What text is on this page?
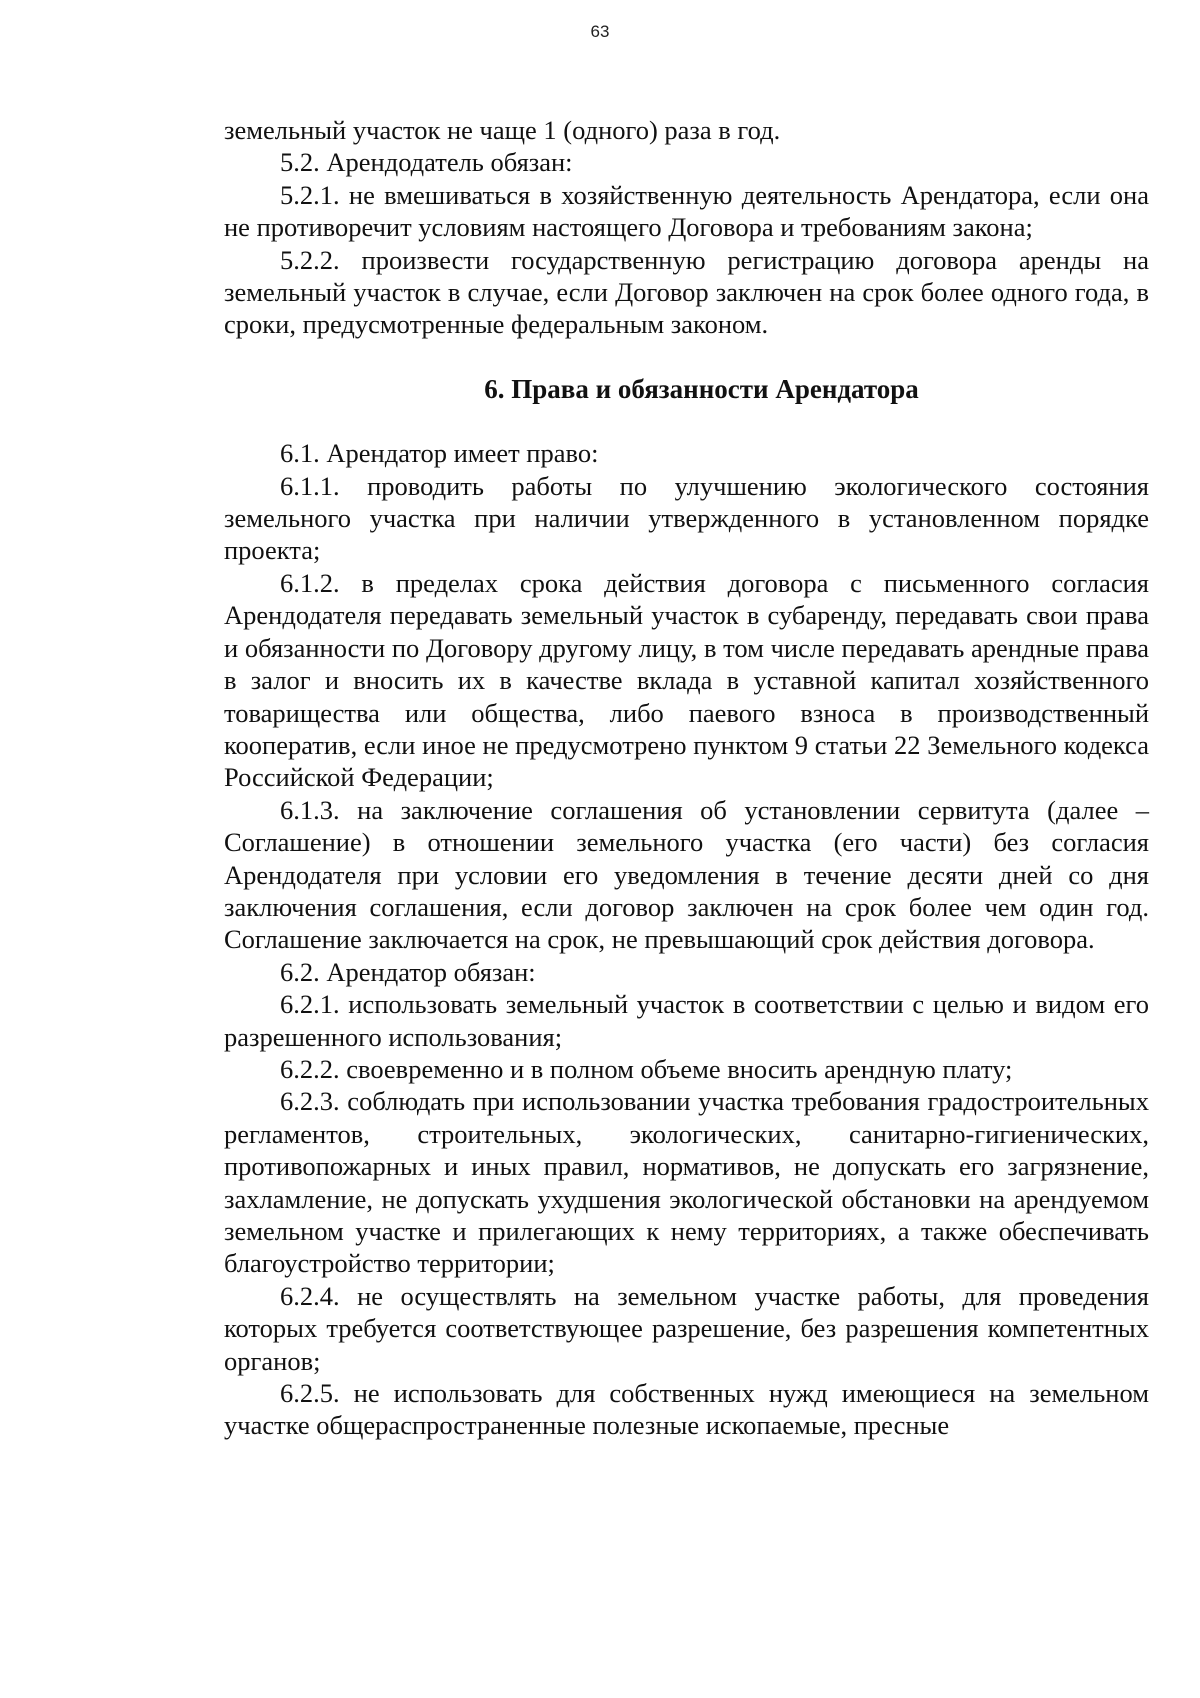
63

земельный участок не чаще 1 (одного) раза в год.

5.2. Арендодатель обязан:

5.2.1. не вмешиваться в хозяйственную деятельность Арендатора, если она не противоречит условиям настоящего Договора и требованиям закона;

5.2.2. произвести государственную регистрацию договора аренды на земельный участок в случае, если Договор заключен на срок более одного года, в сроки, предусмотренные федеральным законом.

6. Права и обязанности Арендатора

6.1. Арендатор имеет право:

6.1.1. проводить работы по улучшению экологического состояния земельного участка при наличии утвержденного в установленном порядке проекта;

6.1.2. в пределах срока действия договора с письменного согласия Арендодателя передавать земельный участок в субаренду, передавать свои права и обязанности по Договору другому лицу, в том числе передавать арендные права в залог и вносить их в качестве вклада в уставной капитал хозяйственного товарищества или общества, либо паевого взноса в производственный кооператив, если иное не предусмотрено пунктом 9 статьи 22 Земельного кодекса Российской Федерации;

6.1.3. на заключение соглашения об установлении сервитута (далее – Соглашение) в отношении земельного участка (его части) без согласия Арендодателя при условии его уведомления в течение десяти дней со дня заключения соглашения, если договор заключен на срок более чем один год. Соглашение заключается на срок, не превышающий срок действия договора.

6.2. Арендатор обязан:

6.2.1. использовать земельный участок в соответствии с целью и видом его разрешенного использования;

6.2.2. своевременно и в полном объеме вносить арендную плату;

6.2.3. соблюдать при использовании участка требования градостроительных регламентов, строительных, экологических, санитарно-гигиенических, противопожарных и иных правил, нормативов, не допускать его загрязнение, захламление, не допускать ухудшения экологической обстановки на арендуемом земельном участке и прилегающих к нему территориях, а также обеспечивать благоустройство территории;

6.2.4. не осуществлять на земельном участке работы, для проведения которых требуется соответствующее разрешение, без разрешения компетентных органов;

6.2.5. не использовать для собственных нужд имеющиеся на земельном участке общераспространенные полезные ископаемые, пресные
